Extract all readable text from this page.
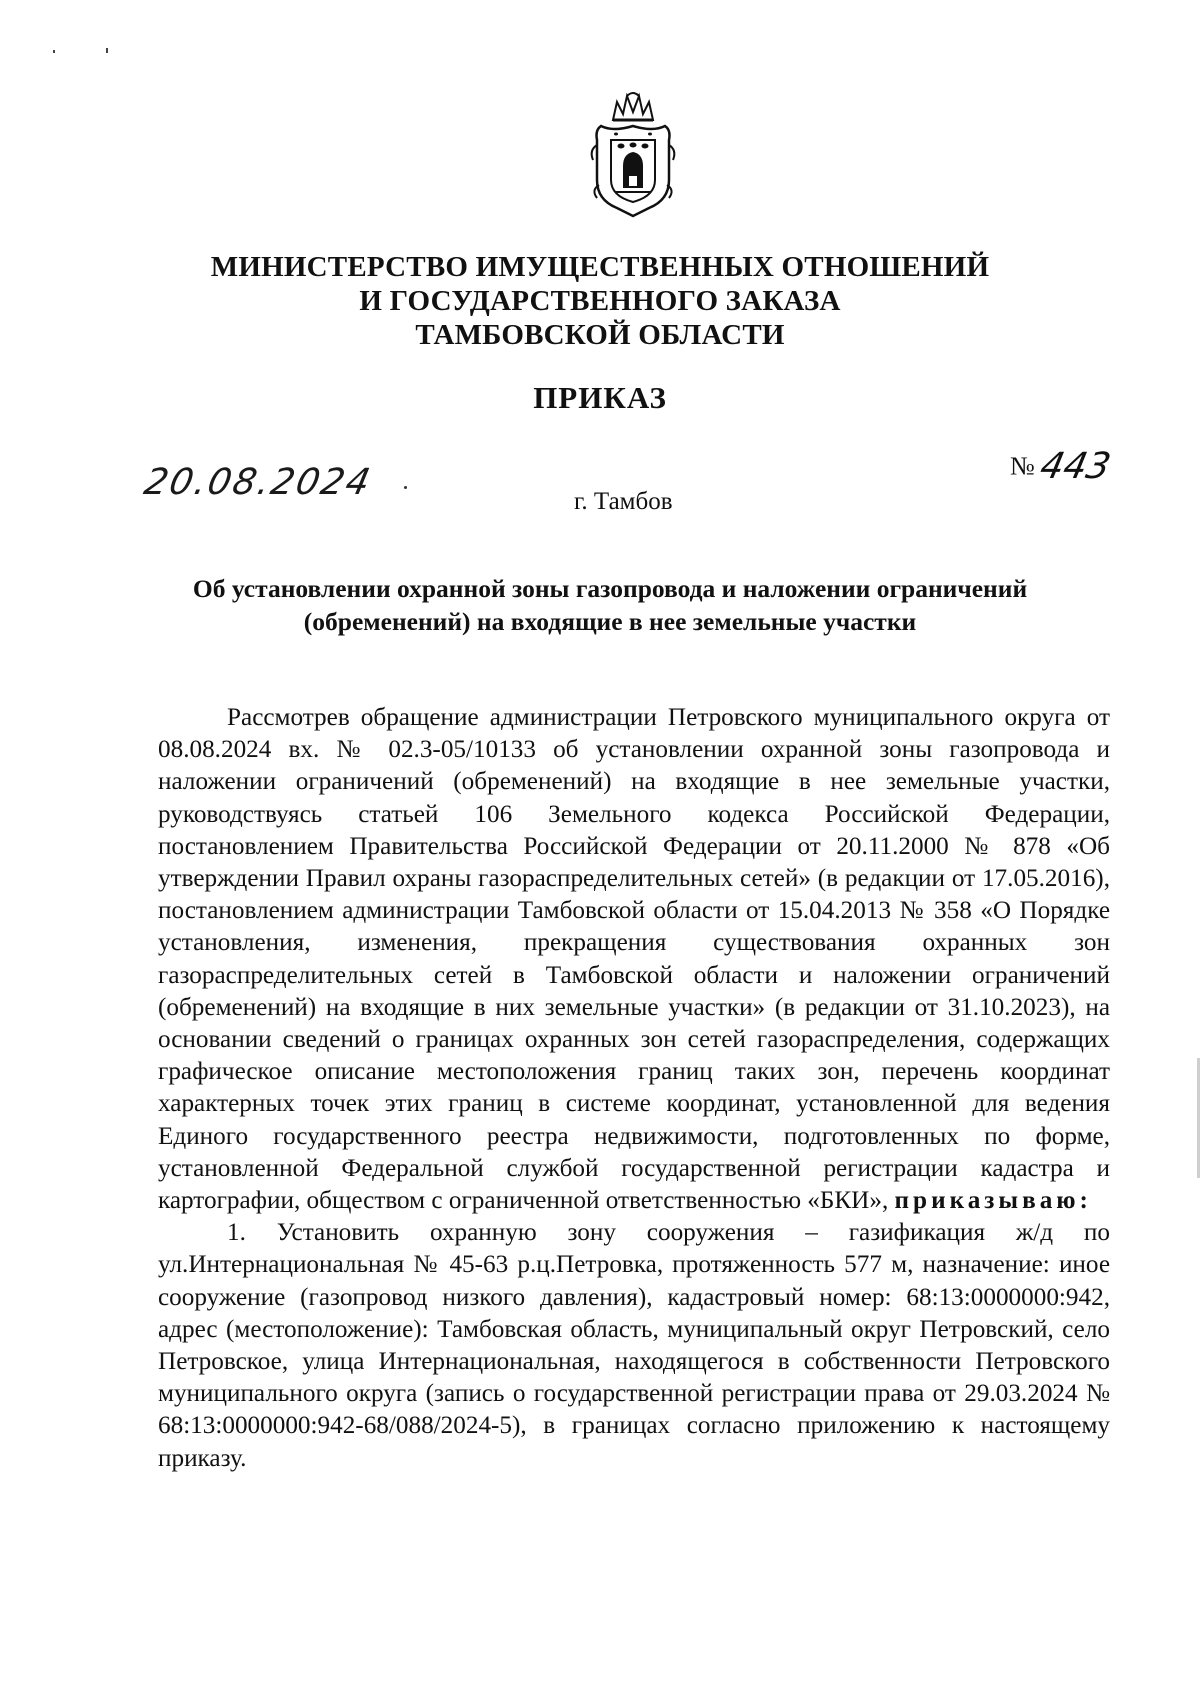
МИНИСТЕРСТВО ИМУЩЕСТВЕННЫХ ОТНОШЕНИЙ
И ГОСУДАРСТВЕННОГО ЗАКАЗА
ТАМБОВСКОЙ ОБЛАСТИ
ПРИКАЗ
20.08.2024	г. Тамбов
№ 443
Об установлении охранной зоны газопровода и наложении ограничений
(обременений) на входящие в нее земельные участки

Рассмотрев обращение администрации Петровского муниципального округа от 08.08.2024 вх. № 02.3-05/10133 об установлении охранной зоны газопровода и наложении ограничений (обременений) на входящие в нее земельные участки, руководствуясь статьей 106 Земельного кодекса Российской Федерации, постановлением Правительства Российской Федерации от 20.11.2000 № 878 «Об утверждении Правил охраны газораспределительных сетей» (в редакции от 17.05.2016), постановлением администрации Тамбовской области от 15.04.2013 № 358 «О Порядке установления, изменения, прекращения существования охранных зон газораспределительных сетей в Тамбовской области и наложении ограничений (обременений) на входящие в них земельные участки» (в редакции от 31.10.2023), на основании сведений о границах охранных зон сетей газораспределения, содержащих графическое описание местоположения границ таких зон, перечень координат характерных точек этих границ в системе координат, установленной для ведения Единого государственного реестра недвижимости, подготовленных по форме, установленной Федеральной службой государственной регистрации кадастра и картографии, обществом с ограниченной ответственностью «БКИ», приказываю:

1. Установить охранную зону сооружения – газификация ж/д по ул.Интернациональная № 45-63 р.ц.Петровка, протяженность 577 м, назначение: иное сооружение (газопровод низкого давления), кадастровый номер: 68:13:0000000:942, адрес (местоположение): Тамбовская область, муниципальный округ Петровский, село Петровское, улица Интернациональная, находящегося в собственности Петровского муниципального округа (запись о государственной регистрации права от 29.03.2024 № 68:13:0000000:942-68/088/2024-5), в границах согласно приложению к настоящему приказу.
